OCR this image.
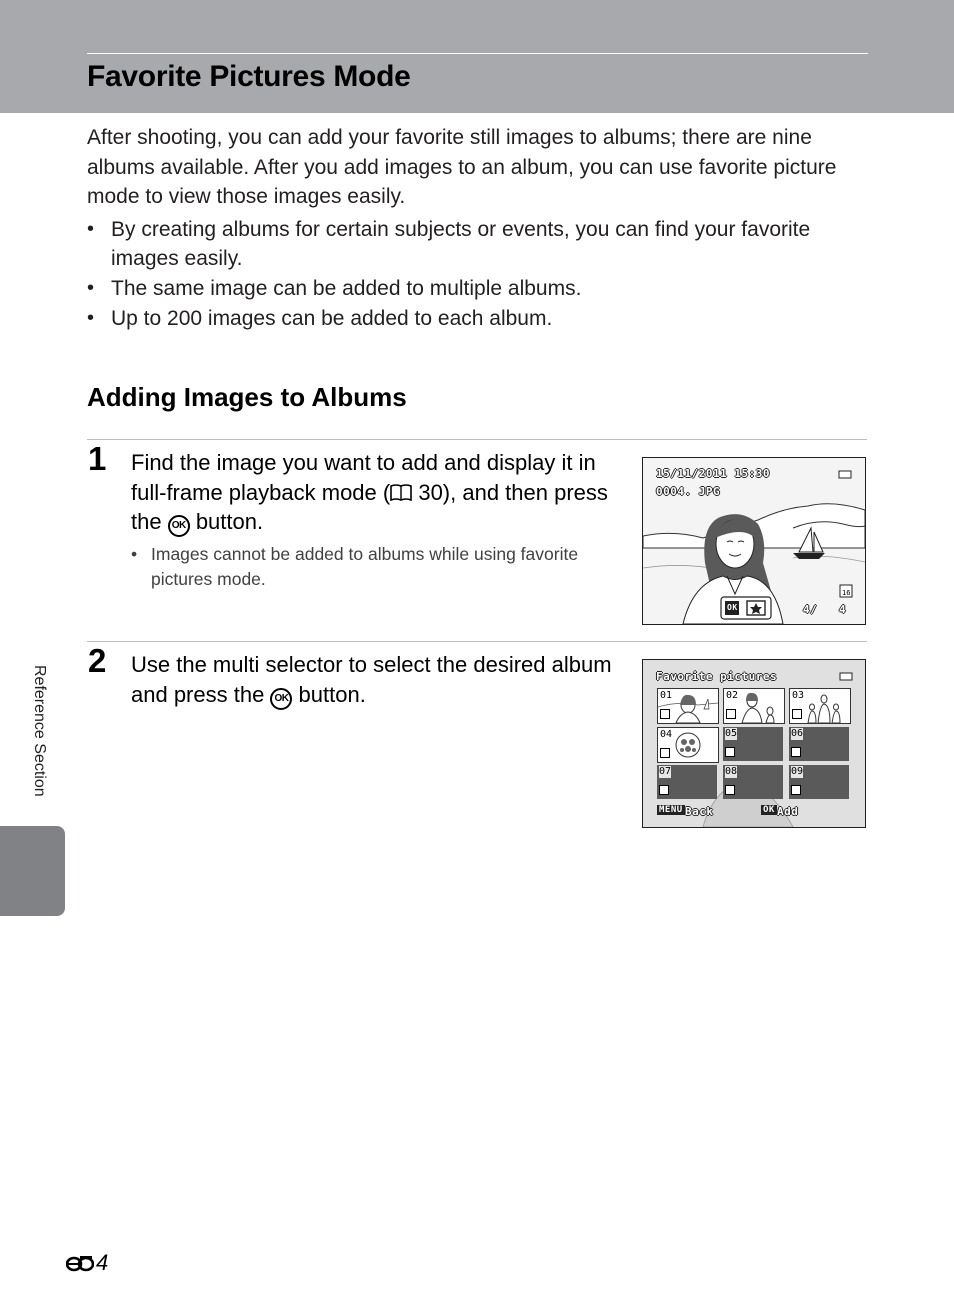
Favorite Pictures Mode

After shooting, you can add your favorite still images to albums; there are nine albums available. After you add images to an album, you can use favorite picture mode to view those images easily.

• By creating albums for certain subjects or events, you can find your favorite images easily.
• The same image can be added to multiple albums.
• Up to 200 images can be added to each album.
Adding Images to Albums
1 Find the image you want to add and display it in full-frame playback mode ( 30), and then press the OK button.

• Images cannot be added to albums while using favorite pictures mode.
16
15/11/2011 15:30
0004. JPG
OK	4/ 4
2 Use the multi selector to select the desired album and press the OK button.

Favorite pictures
01	02	03
04	05	06
07	08	09
MENU Back	OK Add
Reference Section
4
